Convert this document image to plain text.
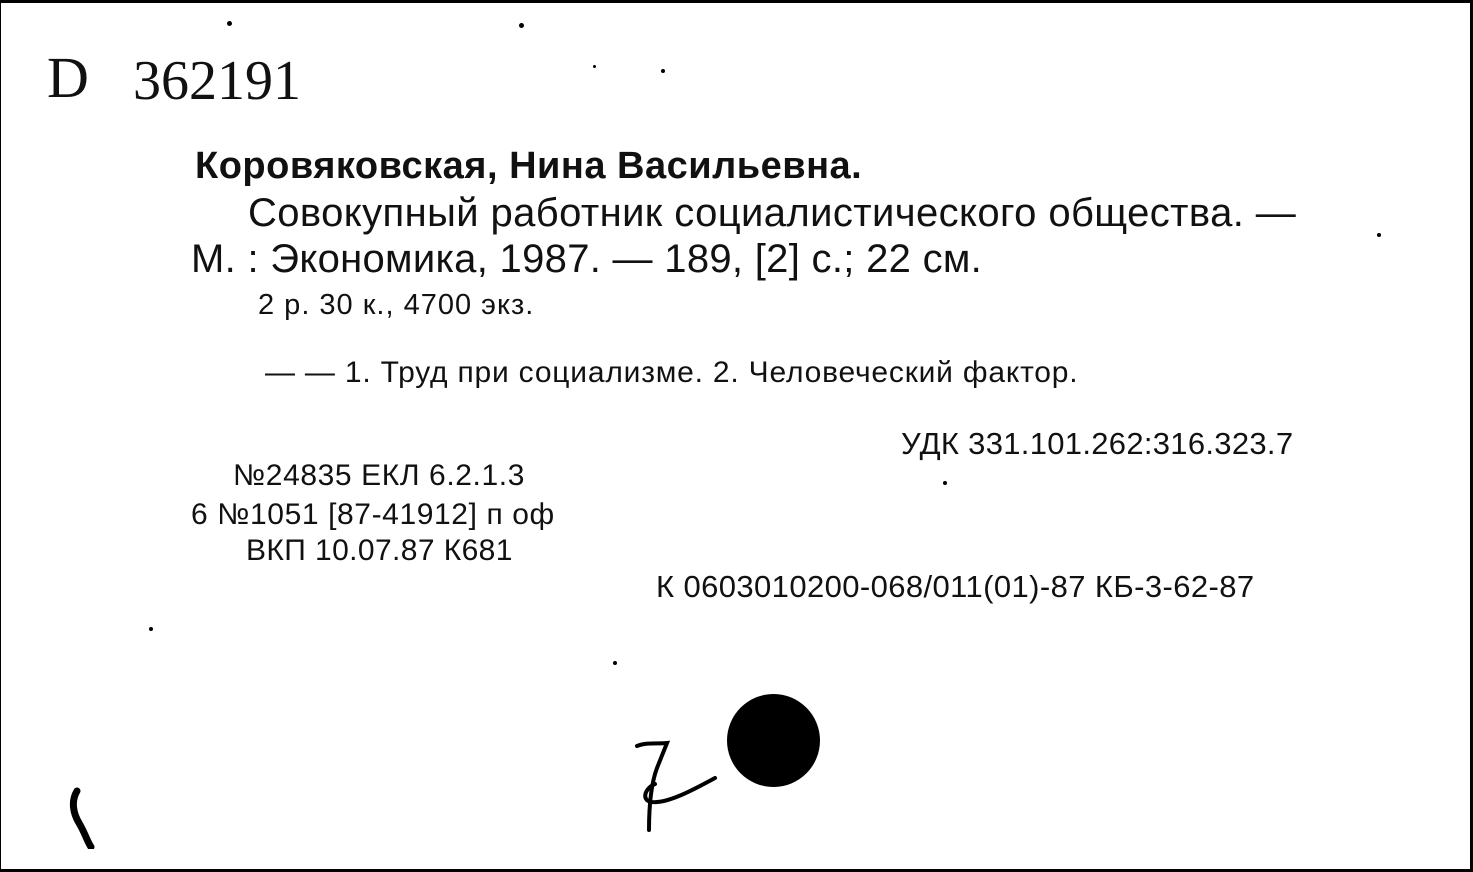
D 362191
Коровяковская, Нина Васильевна.
Совокупный работник социалистического общества. —
М. : Экономика, 1987. — 189, [2] с.; 22 см.
2 р. 30 к., 4700 экз.
— — 1. Труд при социализме. 2. Человеческий фактор.
УДК 331.101.262:316.323.7
№24835 ЕКЛ 6.2.1.3
6 №1051 [87-41912] п оф
ВКП 10.07.87 К681
К 0603010200-068/011(01)-87 КБ-3-62-87
